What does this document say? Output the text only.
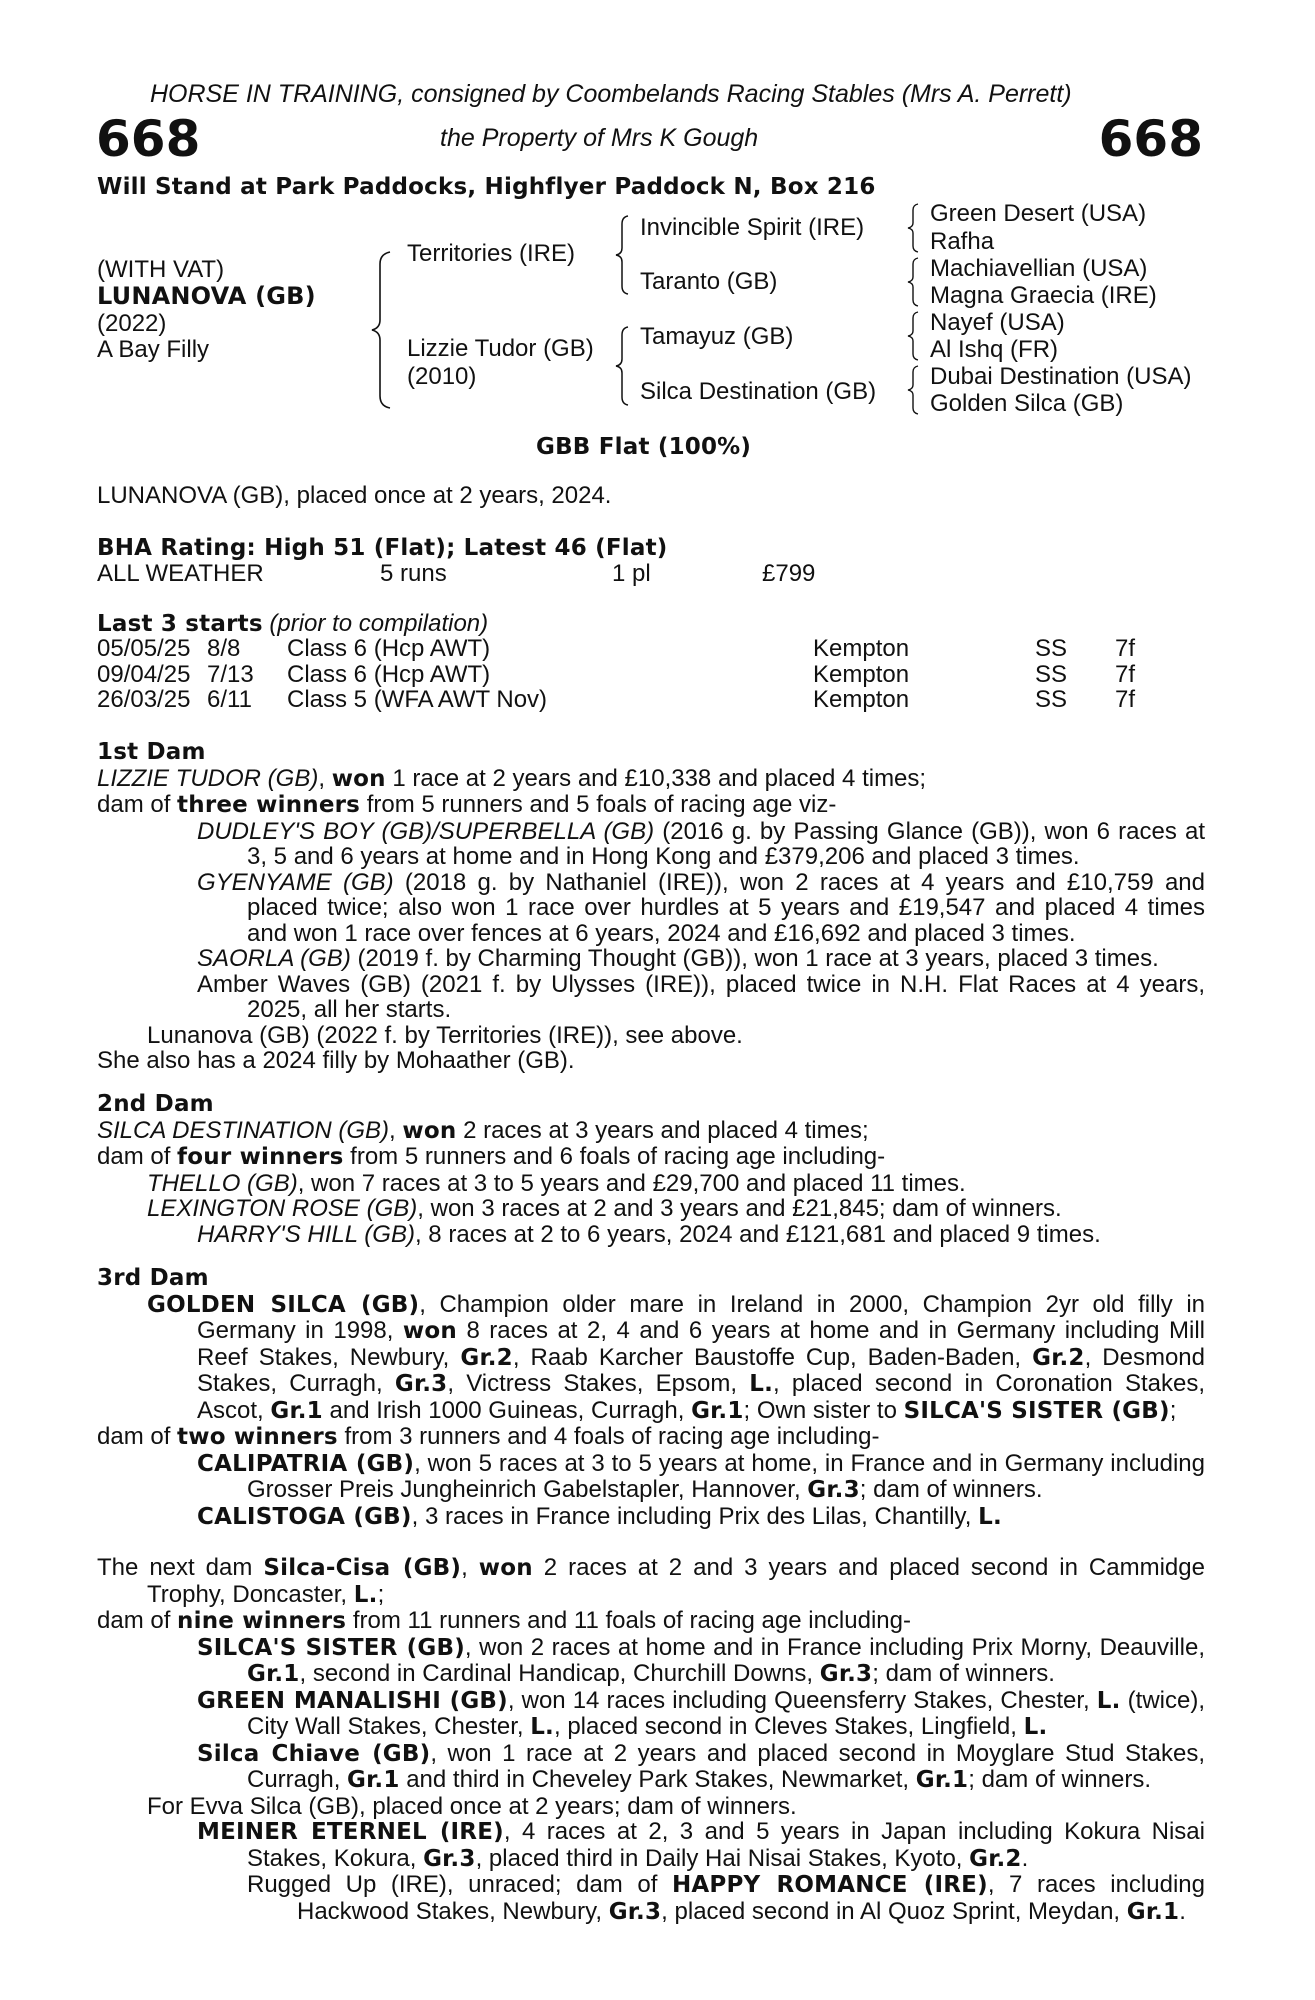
HORSE IN TRAINING, consigned by Coombelands Racing Stables (Mrs A. Perrett)
668	the Property of Mrs K Gough	668
Will Stand at Park Paddocks, Highflyer Paddock N, Box 216
(WITH VAT)
LUNANOVA (GB)
(2022)
A Bay Filly
Territories (IRE)
Lizzie Tudor (GB)
(2010)
Invincible Spirit (IRE)
Taranto (GB)
Tamayuz (GB)
Silca Destination (GB)
Green Desert (USA)
Rafha
Machiavellian (USA)
Magna Graecia (IRE)
Nayef (USA)
Al Ishq (FR)
Dubai Destination (USA)
Golden Silca (GB)
GBB Flat (100%)
LUNANOVA (GB), placed once at 2 years, 2024.
BHA Rating: High 51 (Flat); Latest 46 (Flat)
ALL WEATHER	5 runs	1 pl	£799
Last 3 starts (prior to compilation)
05/05/25	8/8	Class 6 (Hcp AWT)	Kempton	SS	7f
09/04/25	7/13	Class 6 (Hcp AWT)	Kempton	SS	7f
26/03/25	6/11	Class 5 (WFA AWT Nov)	Kempton	SS	7f
1st Dam

LIZZIE TUDOR (GB), won 1 race at 2 years and £10,338 and placed 4 times;

dam of three winners from 5 runners and 5 foals of racing age viz-

DUDLEY'S BOY (GB)/SUPERBELLA (GB) (2016 g. by Passing Glance (GB)), won 6 races at 3, 5 and 6 years at home and in Hong Kong and £379,206 and placed 3 times.

GYENYAME (GB) (2018 g. by Nathaniel (IRE)), won 2 races at 4 years and £10,759 and placed twice; also won 1 race over hurdles at 5 years and £19,547 and placed 4 times and won 1 race over fences at 6 years, 2024 and £16,692 and placed 3 times.

SAORLA (GB) (2019 f. by Charming Thought (GB)), won 1 race at 3 years, placed 3 times.

Amber Waves (GB) (2021 f. by Ulysses (IRE)), placed twice in N.H. Flat Races at 4 years, 2025, all her starts.

Lunanova (GB) (2022 f. by Territories (IRE)), see above.

She also has a 2024 filly by Mohaather (GB).

2nd Dam

SILCA DESTINATION (GB), won 2 races at 3 years and placed 4 times;

dam of four winners from 5 runners and 6 foals of racing age including-

THELLO (GB), won 7 races at 3 to 5 years and £29,700 and placed 11 times.

LEXINGTON ROSE (GB), won 3 races at 2 and 3 years and £21,845; dam of winners.

HARRY'S HILL (GB), 8 races at 2 to 6 years, 2024 and £121,681 and placed 9 times.

3rd Dam

GOLDEN SILCA (GB), Champion older mare in Ireland in 2000, Champion 2yr old filly in Germany in 1998, won 8 races at 2, 4 and 6 years at home and in Germany including Mill Reef Stakes, Newbury, Gr.2, Raab Karcher Baustoffe Cup, Baden-Baden, Gr.2, Desmond Stakes, Curragh, Gr.3, Victress Stakes, Epsom, L., placed second in Coronation Stakes, Ascot, Gr.1 and Irish 1000 Guineas, Curragh, Gr.1; Own sister to SILCA'S SISTER (GB);

dam of two winners from 3 runners and 4 foals of racing age including-

CALIPATRIA (GB), won 5 races at 3 to 5 years at home, in France and in Germany including Grosser Preis Jungheinrich Gabelstapler, Hannover, Gr.3; dam of winners.

CALISTOGA (GB), 3 races in France including Prix des Lilas, Chantilly, L.

The next dam Silca-Cisa (GB), won 2 races at 2 and 3 years and placed second in Cammidge Trophy, Doncaster, L.;

dam of nine winners from 11 runners and 11 foals of racing age including-

SILCA'S SISTER (GB), won 2 races at home and in France including Prix Morny, Deauville, Gr.1, second in Cardinal Handicap, Churchill Downs, Gr.3; dam of winners.

GREEN MANALISHI (GB), won 14 races including Queensferry Stakes, Chester, L. (twice), City Wall Stakes, Chester, L., placed second in Cleves Stakes, Lingfield, L.

Silca Chiave (GB), won 1 race at 2 years and placed second in Moyglare Stud Stakes, Curragh, Gr.1 and third in Cheveley Park Stakes, Newmarket, Gr.1; dam of winners.

For Evva Silca (GB), placed once at 2 years; dam of winners.

MEINER ETERNEL (IRE), 4 races at 2, 3 and 5 years in Japan including Kokura Nisai Stakes, Kokura, Gr.3, placed third in Daily Hai Nisai Stakes, Kyoto, Gr.2.

Rugged Up (IRE), unraced; dam of HAPPY ROMANCE (IRE), 7 races including Hackwood Stakes, Newbury, Gr.3, placed second in Al Quoz Sprint, Meydan, Gr.1.
